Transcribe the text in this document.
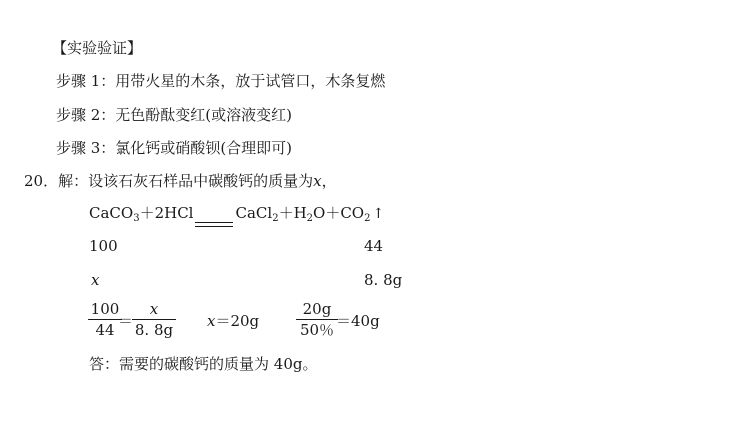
【实验验证】
步骤 1：用带火星的木条，放于试管口，木条复燃
步骤 2：无色酚酞变红(或溶液变红)
步骤 3：氯化钙或硝酸钡(合理即可)
20．解：设该石灰石样品中碳酸钙的质量为x，
CaCO$_3$＋2HCl	$CaCl_2+H_2O+CO_2$ ↑
100	44
x	8. 8g
100
44 ＝
x
8. 8g x＝20g
20g
50％ ＝40g
答：需要的碳酸钙的质量为 40g。
